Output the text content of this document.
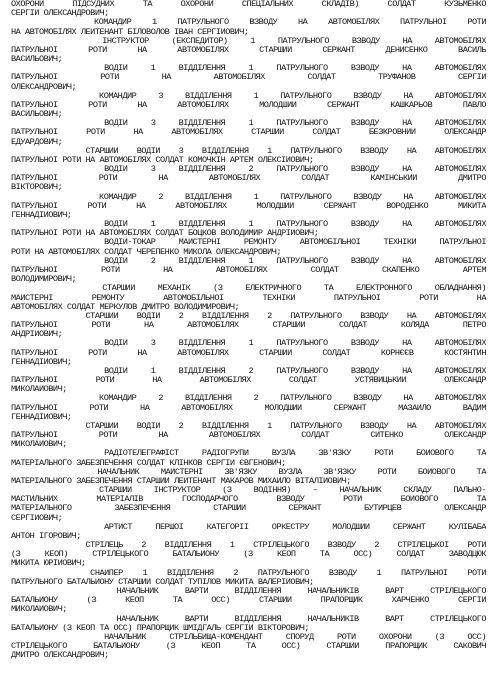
ОХОРОНИ ПІДСУДНИХ ТА ОХОРОНИ СПЕЦІАЛЬНИХ СКЛАДІВ) СОЛДАТ КУЗЬМЕНКО
СЕРГІЙ ОЛЕКСАНДРОВИЧ;
КОМАНДИР 1 ПАТРУЛЬНОГО ВЗВОДУ НА АВТОМОБІЛЯХ ПАТРУЛЬНОЇ РОТИ
НА АВТОМОБІЛЯХ ЛЕЙТЕНАНТ БІЛОВОЛОВ ІВАН СЕРГІЙОВИЧ;
ІНСТРУКТОР (ЕКСПЕДИТОР) 1 ПАТРУЛЬНОГО ВЗВОДУ НА АВТОМОБІЛЯХ
ПАТРУЛЬНОЇ РОТИ НА АВТОМОБІЛЯХ СТАРШИЙ СЕРЖАНТ ДЕНИСЕНКО ВАСИЛЬ
ВАСИЛЬОВИЧ;
ВОДІЙ 1 ВІДДІЛЕННЯ 1 ПАТРУЛЬНОГО ВЗВОДУ НА АВТОМОБІЛЯХ
ПАТРУЛЬНОЇ РОТИ НА АВТОМОБІЛЯХ СОЛДАТ ТРУФАНОВ СЕРГІЙ
ОЛЕКСАНДРОВИЧ;
КОМАНДИР 3 ВІДДІЛЕННЯ 1 ПАТРУЛЬНОГО ВЗВОДУ НА АВТОМОБІЛЯХ
ПАТРУЛЬНОЇ РОТИ НА АВТОМОБІЛЯХ МОЛОДШИЙ СЕРЖАНТ КАШКАРЬОВ ПАВЛО
ВАСИЛЬОВИЧ;
ВОДІЙ 3 ВІДДІЛЕННЯ 1 ПАТРУЛЬНОГО ВЗВОДУ НА АВТОМОБІЛЯХ
ПАТРУЛЬНОЇ РОТИ НА АВТОМОБІЛЯХ СТАРШИЙ СОЛДАТ БЕЗКРОВНИЙ ОЛЕКСАНДР
ЕДУАРДОВИЧ;
СТАРШИЙ ВОДІЙ 3 ВІДДІЛЕННЯ 1 ПАТРУЛЬНОГО ВЗВОДУ НА АВТОМОБІЛЯХ
ПАТРУЛЬНОЇ РОТИ НА АВТОМОБІЛЯХ СОЛДАТ КОМОЧКІН АРТЕМ ОЛЕКСІЙОВИЧ;
ВОДІЙ 3 ВІДДІЛЕННЯ 2 ПАТРУЛЬНОГО ВЗВОДУ НА АВТОМОБІЛЯХ
ПАТРУЛЬНОЇ РОТИ НА АВТОМОБІЛЯХ СОЛДАТ КАМІНСЬКИЙ ДМИТРО
ВІКТОРОВИЧ;
КОМАНДИР 2 ВІДДІЛЕННЯ 1 ПАТРУЛЬНОГО ВЗВОДУ НА АВТОМОБІЛЯХ
ПАТРУЛЬНОЇ РОТИ НА АВТОМОБІЛЯХ МОЛОДШИЙ СЕРЖАНТ ВОРОДЕНКО МИКИТА
ГЕННАДІЙОВИЧ;
ВОДІЙ 1 ВІДДІЛЕННЯ 1 ПАТРУЛЬНОГО ВЗВОДУ НА АВТОМОБІЛЯХ
ПАТРУЛЬНОЇ РОТИ НА АВТОМОБІЛЯХ СОЛДАТ БОЦКОВ ВОЛОДИМИР АНДРІЙОВИЧ;
ВОДІЙ-ТОКАР МАЙСТЕРНІ РЕМОНТУ АВТОМОБІЛЬНОЇ ТЕХНІКИ ПАТРУЛЬНОЇ
РОТИ НА АВТОМОБІЛЯХ СОЛДАТ ЧЕРЕПЕНКО МИКОЛА ОЛЕКСАНДРОВИЧ;
ВОДІЙ 2 ВІДДІЛЕННЯ 1 ПАТРУЛЬНОГО ВЗВОДУ НА АВТОМОБІЛЯХ
ПАТРУЛЬНОЇ РОТИ НА АВТОМОБІЛЯХ СОЛДАТ СКАПЕНКО АРТЕМ
ВОЛОДИМИРОВИЧ;
СТАРШИЙ МЕХАНІК (З ЕЛЕКТРИЧНОГО ТА ЕЛЕКТРОННОГО ОБЛАДНАННЯ)
МАЙСТЕРНІ РЕМОНТУ АВТОМОБІЛЬНОЇ ТЕХНІКИ ПАТРУЛЬНОЇ РОТИ НА
АВТОМОБІЛЯХ СОЛДАТ МЕРКУЛОВ ДМИТРО ВОЛОДИМИРОВИЧ;
СТАРШИЙ ВОДІЙ 2 ВІДДІЛЕННЯ 2 ПАТРУЛЬНОГО ВЗВОДУ НА АВТОМОБІЛЯХ
ПАТРУЛЬНОЇ РОТИ НА АВТОМОБІЛЯХ СТАРШИЙ СОЛДАТ КОЛЯДА ПЕТРО
АНДРІЙОВИЧ;
ВОДІЙ 3 ВІДДІЛЕННЯ 1 ПАТРУЛЬНОГО ВЗВОДУ НА АВТОМОБІЛЯХ
ПАТРУЛЬНОЇ РОТИ НА АВТОМОБІЛЯХ СТАРШИЙ СОЛДАТ КОРНЄЄВ КОСТЯНТИН
ГЕННАДІЙОВИЧ;
ВОДІЙ 1 ВІДДІЛЕННЯ 2 ПАТРУЛЬНОГО ВЗВОДУ НА АВТОМОБІЛЯХ
ПАТРУЛЬНОЇ РОТИ НА АВТОМОБІЛЯХ СОЛДАТ УСТЯВИЦЬКИЙ ОЛЕКСАНДР
МИКОЛАЙОВИЧ;
КОМАНДИР 2 ВІДДІЛЕННЯ 2 ПАТРУЛЬНОГО ВЗВОДУ НА АВТОМОБІЛЯХ
ПАТРУЛЬНОЇ РОТИ НА АВТОМОБІЛЯХ МОЛОДШИЙ СЕРЖАНТ МАЗАЙЛО ВАДИМ
ГЕННАДІЙОВИЧ;
СТАРШИЙ ВОДІЙ 2 ВІДДІЛЕННЯ 1 ПАТРУЛЬНОГО ВЗВОДУ НА АВТОМОБІЛЯХ
ПАТРУЛЬНОЇ РОТИ НА АВТОМОБІЛЯХ СОЛДАТ СИТЕНКО ОЛЕКСАНДР
МИКОЛАЙОВИЧ;
РАДІОТЕЛЕГРАФІСТ РАДІОГРУПИ ВУЗЛА ЗВ'ЯЗКУ РОТИ БОЙОВОГО ТА
МАТЕРІАЛЬНОГО ЗАБЕЗПЕЧЕННЯ СОЛДАТ КЛІНКОВ СЕРГІЙ ЄВГЕНОВИЧ;
НАЧАЛЬНИК МАЙСТЕРНІ ЗВ'ЯЗКУ ВУЗЛА ЗВ'ЯЗКУ РОТИ БОЙОВОГО ТА
МАТЕРІАЛЬНОГО ЗАБЕЗПЕЧЕННЯ СТАРШИЙ ЛЕЙТЕНАНТ МАКАРОВ МИХАЙЛО ВІТАЛІЙОВИЧ;
СТАРШИЙ ІНСТРУКТОР (З ВОДІННЯ) – НАЧАЛЬНИК СКЛАДУ ПАЛЬНО-
МАСТИЛЬНИХ МАТЕРІАЛІВ ГОСПОДАРЧОГО ВЗВОДУ РОТИ БОЙОВОГО ТА
МАТЕРІАЛЬНОГО ЗАБЕЗПЕЧЕННЯ СТАРШИЙ СЕРЖАНТ БУТИРЦЕВ ОЛЕКСАНДР
СЕРГІЙОВИЧ;
АРТИСТ ПЕРШОЇ КАТЕГОРІЇ ОРКЕСТРУ МОЛОДШИЙ СЕРЖАНТ КУЛІБАБА
АНТОН ІГОРОВИЧ;
СТРІЛЕЦЬ 2 ВІДДІЛЕННЯ 1 СТРІЛЕЦЬКОГО ВЗВОДУ 2 СТРІЛЕЦЬКОЇ РОТИ
(З КЕОП) СТРІЛЕЦЬКОГО БАТАЛЬЙОНУ (З КЕОП ТА ОСС) СОЛДАТ ЗАВОДЦЮК
МИКИТА ЮРІЙОВИЧ;
СНАЙПЕР 1 ВІДДІЛЕННЯ 2 ПАТРУЛЬНОГО ВЗВОДУ 1 ПАТРУЛЬНОЇ РОТИ
ПАТРУЛЬНОГО БАТАЛЬЙОНУ СТАРШИЙ СОЛДАТ ТУПІЛОВ МИКИТА ВАЛЕРІЙОВИЧ;
НАЧАЛЬНИК ВАРТИ ВІДДІЛЕННЯ НАЧАЛЬНИКІВ ВАРТ СТРІЛЕЦЬКОГО
БАТАЛЬЙОНУ (З КЕОП ТА ОСС) СТАРШИЙ ПРАПОРЩИК ХАРЧЕНКО СЕРГІЙ
МИКОЛАЙОВИЧ;
НАЧАЛЬНИК ВАРТИ ВІДДІЛЕННЯ НАЧАЛЬНИКІВ ВАРТ СТРІЛЕЦЬКОГО
БАТАЛЬЙОНУ (З КЕОП ТА ОСС) ПРАПОРЩИК ШМІДГАЛЬ СЕРГІЙ ВІКТОРОВИЧ;
НАЧАЛЬНИК СТРІЛЬБИЩА-КОМЕНДАНТ СПОРУД РОТИ ОХОРОНИ (З ОСС)
СТРІЛЕЦЬКОГО БАТАЛЬЙОНУ (З КЕОП ТА ОСС) СТАРШИЙ ПРАПОРЩИК САКОВИЧ
ДМИТРО ОЛЕКСАНДРОВИЧ;
